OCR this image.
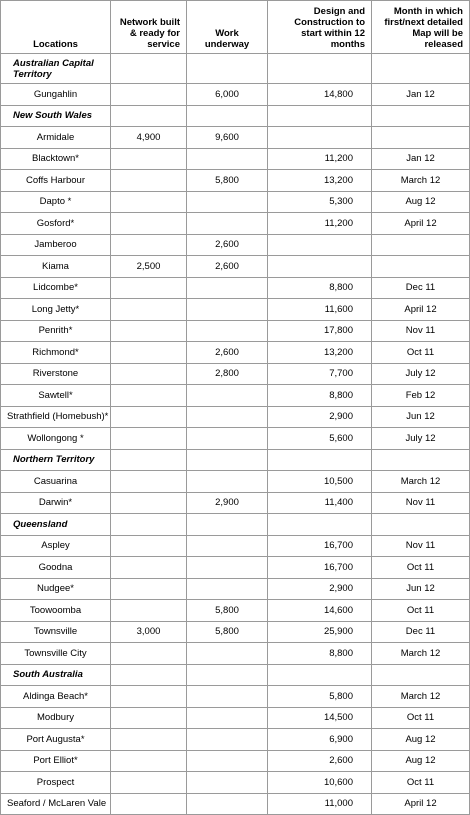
Locations	Network built & ready for service	Work underway	Design and Construction to start within 12 months	Month in which first/next detailed Map will be released
Australian Capital Territory				
Gungahlin		6,000	14,800	Jan 12
New South Wales				
Armidale	4,900	9,600		
Blacktown*			11,200	Jan 12
Coffs Harbour		5,800	13,200	March 12
Dapto *			5,300	Aug 12
Gosford*			11,200	April 12
Jamberoo		2,600		
Kiama	2,500	2,600		
Lidcombe*			8,800	Dec 11
Long Jetty*			11,600	April 12
Penrith*			17,800	Nov 11
Richmond*		2,600	13,200	Oct 11
Riverstone		2,800	7,700	July 12
Sawtell*			8,800	Feb 12
Strathfield (Homebush)*			2,900	Jun 12
Wollongong *			5,600	July 12
Northern Territory				
Casuarina			10,500	March 12
Darwin*		2,900	11,400	Nov 11
Queensland				
Aspley			16,700	Nov 11
Goodna			16,700	Oct 11
Nudgee*			2,900	Jun 12
Toowoomba		5,800	14,600	Oct 11
Townsville	3,000	5,800	25,900	Dec 11
Townsville City			8,800	March 12
South Australia				
Aldinga Beach*			5,800	March 12
Modbury			14,500	Oct 11
Port Augusta*			6,900	Aug 12
Port Elliot*			2,600	Aug 12
Prospect			10,600	Oct 11
Seaford / McLaren Vale			11,000	April 12
